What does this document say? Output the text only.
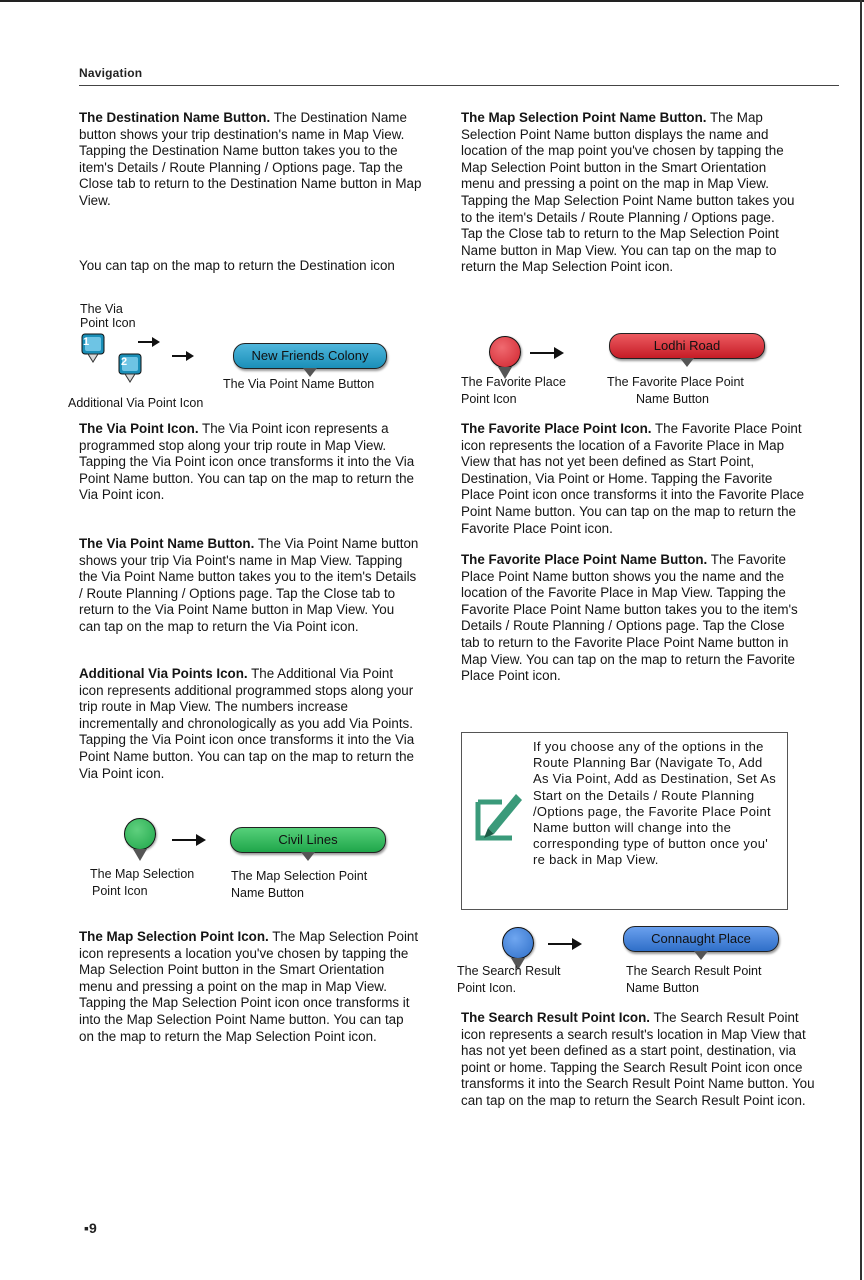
Navigation
The Destination Name Button. The Destination Name button shows your trip destination's name in Map View. Tapping the Destination Name button takes you to the item's Details / Route Planning / Options page. Tap the Close tab to return to the Destination Name button in Map View.
You can tap on the map to return the Destination icon
The Via
Point Icon
1
2	New Friends Colony
The Via Point Name Button
Additional Via Point Icon
The Via Point Icon. The Via Point icon represents a programmed stop along your trip route in Map View. Tapping the Via Point icon once transforms it into the Via Point Name button. You can tap on the map to return the Via Point icon.
The Via Point Name Button. The Via Point Name button shows your trip Via Point's name in Map View. Tapping the Via Point Name button takes you to the item's Details / Route Planning / Options page. Tap the Close tab to return to the Via Point Name button in Map View. You can tap on the map to return the Via Point icon.
Additional Via Points Icon. The Additional Via Point icon represents additional programmed stops along your trip route in Map View. The numbers increase incrementally and chronologically as you add Via Points. Tapping the Via Point icon once transforms it into the Via Point Name button. You can tap on the map to return the Via Point icon.
Civil Lines
The Map Selection
Point Icon
The Map Selection Point
Name Button
The Map Selection Point Icon. The Map Selection Point icon represents a location you've chosen by tapping the Map Selection Point button in the Smart Orientation menu and pressing a point on the map in Map View. Tapping the Map Selection Point icon once transforms it into the Map Selection Point Name button. You can tap on the map to return the Map Selection Point icon.
The Map Selection Point Name Button. The Map Selection Point Name button displays the name and location of the map point you've chosen by tapping the Map Selection Point button in the Smart Orientation menu and pressing a point on the map in Map View. Tapping the Map Selection Point Name button takes you to the item's Details / Route Planning / Options page. Tap the Close tab to return to the Map Selection Point Name button in Map View. You can tap on the map to return the Map Selection Point icon.
Lodhi Road
The Favorite Place
Point Icon
The Favorite Place Point
Name Button
The Favorite Place Point Icon. The Favorite Place Point icon represents the location of a Favorite Place in Map View that has not yet been defined as Start Point, Destination, Via Point or Home. Tapping the Favorite Place Point icon once transforms it into the Favorite Place Point Name button. You can tap on the map to return the Favorite Place Point icon.
The Favorite Place Point Name Button. The Favorite Place Point Name button shows you the name and the location of the Favorite Place in Map View. Tapping the Favorite Place Point Name button takes you to the item's Details / Route Planning / Options page. Tap the Close tab to return to the Favorite Place Point Name button in Map View. You can tap on the map to return the Favorite Place Point icon.
If you choose any of the options in the Route Planning Bar (Navigate To, Add As Via Point, Add as Destination, Set As Start on the Details / Route Planning /Options page, the Favorite Place Point Name button will change into the corresponding type of button once you' re back in Map View.
Connaught Place
The Search Result
Point Icon.
The Search Result Point
Name Button
The Search Result Point Icon. The Search Result Point icon represents a search result's location in Map View that has not yet been defined as a start point, destination, via point or home. Tapping the Search Result Point icon once transforms it into the Search Result Point Name button. You can tap on the map to return the Search Result Point icon.
▪9
